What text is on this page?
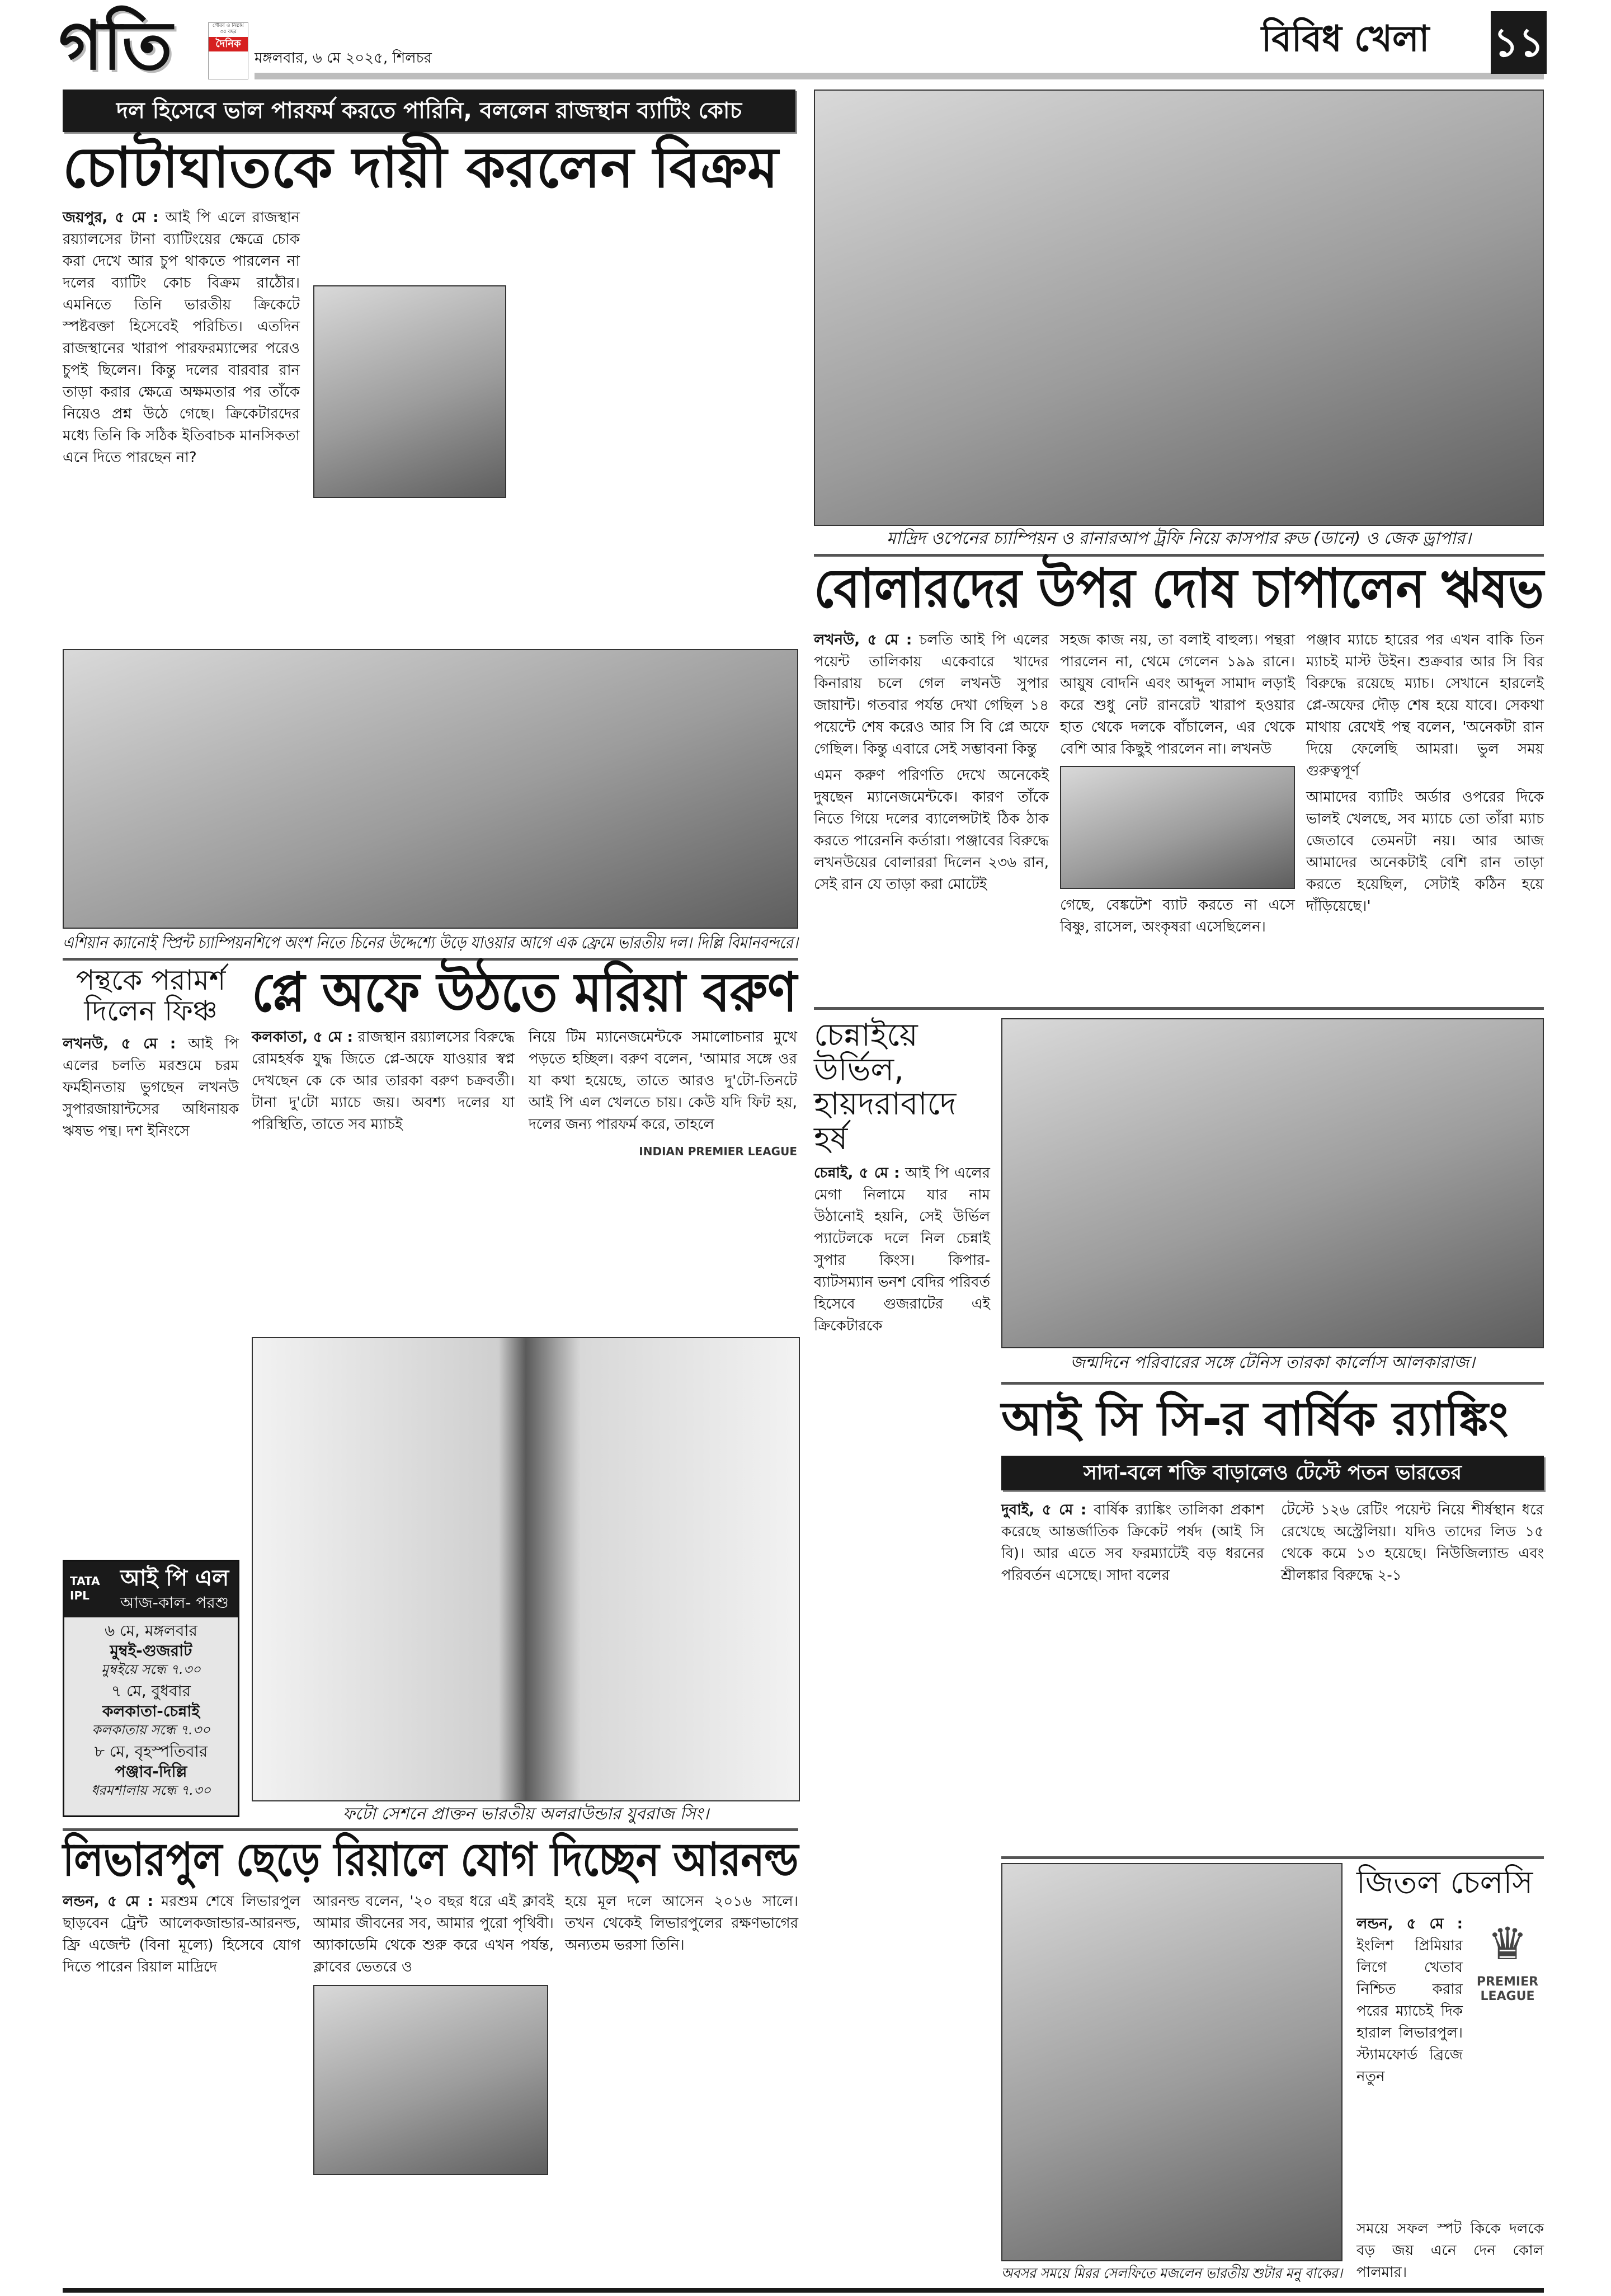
গতি	গৌরব ও নিষ্ঠায় ৩৫ বছর
দৈনিক
মঙ্গলবার, ৬ মে ২০২৫, শিলচর	বিবিধ খেলা	১১
দল হিসেবে ভাল পারফর্ম করতে পারিনি, বললেন রাজস্থান ব্যাটিং কোচ
চোটাঘাতকে দায়ী করলেন বিক্রম

জয়পুর, ৫ মে : আই পি এলে রাজস্থান রয়্যালসের টানা ব্যাটিংয়ের ক্ষেত্রে চোক করা দেখে আর চুপ থাকতে পারলেন না দলের ব্যাটিং কোচ বিক্রম রাঠৌর। এমনিতে তিনি ভারতীয় ক্রিকেটে স্পষ্টবক্তা হিসেবেই পরিচিত। এতদিন রাজস্থানের খারাপ পারফরম্যান্সের পরেও চুপই ছিলেন। কিন্তু দলের বারবার রান তাড়া করার ক্ষেত্রে অক্ষমতার পর তাঁকে নিয়েও প্রশ্ন উঠে গেছে। ক্রিকেটারদের মধ্যে তিনি কি সঠিক ইতিবাচক মানসিকতা এনে দিতে পারছেন না?

মাদ্রিদ ওপেনের চ্যাম্পিয়ন ও রানারআপ ট্রফি নিয়ে কাসপার রুড (ডানে) ও জেক ড্রাপার।
বোলারদের উপর দোষ চাপালেন ঋষভ

লখনউ, ৫ মে : চলতি আই পি এলের পয়েন্ট তালিকায় একেবারে খাদের কিনারায় চলে গেল লখনউ সুপার জায়ান্ট। গতবার পর্যন্ত দেখা গেছিল ১৪ পয়েন্টে শেষ করেও আর সি বি প্লে অফে গেছিল। কিন্তু এবারে সেই সম্ভাবনা কিন্তু

এমন করুণ পরিণতি দেখে অনেকেই দুষছেন ম্যানেজমেন্টকে। কারণ তাঁকে নিতে গিয়ে দলের ব্যালেন্সটাই ঠিক ঠাক করতে পারেননি কর্তারা। পঞ্জাবের বিরুদ্ধে লখনউয়ের বোলাররা দিলেন ২৩৬ রান, সেই রান যে তাড়া করা মোটেই

সহজ কাজ নয়, তা বলাই বাহুল্য। পন্থরা পারলেন না, থেমে গেলেন ১৯৯ রানে। আয়ুষ বোদনি এবং আব্দুল সামাদ লড়াই করে শুধু নেট রানরেট খারাপ হওয়ার হাত থেকে দলকে বাঁচালেন, এর থেকে বেশি আর কিছুই পারলেন না। লখনউ

গেছে, বেঙ্কটেশ ব্যাট করতে না এসে বিষ্ণু, রাসেল, অংকৃষরা এসেছিলেন।

পঞ্জাব ম্যাচে হারের পর এখন বাকি তিন ম্যাচই মাস্ট উইন। শুক্রবার আর সি বির বিরুদ্ধে রয়েছে ম্যাচ। সেখানে হারলেই প্লে-অফের দৌড় শেষ হয়ে যাবে। সেকথা মাথায় রেখেই পন্থ বলেন, 'অনেকটা রান দিয়ে ফেলেছি আমরা। ভুল সময় গুরুত্বপূর্ণ

আমাদের ব্যাটিং অর্ডার ওপরের দিকে ভালই খেলছে, সব ম্যাচে তো তাঁরা ম্যাচ জেতাবে তেমনটা নয়। আর আজ আমাদের অনেকটাই বেশি রান তাড়া করতে হয়েছিল, সেটাই কঠিন হয়ে দাঁড়িয়েছে।'

এশিয়ান ক্যানোই স্প্রিন্ট চ্যাম্পিয়নশিপে অংশ নিতে চিনের উদ্দেশ্যে উড়ে যাওয়ার আগে এক ফ্রেমে ভারতীয় দল। দিল্লি বিমানবন্দরে।
পন্থকে পরামর্শ দিলেন ফিঞ্চ

লখনউ, ৫ মে : আই পি এলের চলতি মরশুমে চরম ফর্মহীনতায় ভুগছেন লখনউ সুপারজায়ান্টসের অধিনায়ক ঋষভ পন্থ। দশ ইনিংসে

TATA IPL
আই পি এল
আজ-কাল- পরশু
৬ মে, মঙ্গলবার
মুম্বই-গুজরাট
মুম্বইয়ে সন্ধে ৭.৩০
৭ মে, বুধবার
কলকাতা-চেন্নাই
কলকাতায় সন্ধে ৭.৩০
৮ মে, বৃহস্পতিবার
পঞ্জাব-দিল্লি
ধরমশালায় সন্ধে ৭.৩০
প্লে অফে উঠতে মরিয়া বরুণ

কলকাতা, ৫ মে : রাজস্থান রয়্যালসের বিরুদ্ধে রোমহর্ষক যুদ্ধ জিতে প্লে-অফে যাওয়ার স্বপ্ন দেখছেন কে কে আর তারকা বরুণ চক্রবর্তী। টানা দু'টো ম্যাচে জয়। অবশ্য দলের যা পরিস্থিতি, তাতে সব ম্যাচই

নিয়ে টিম ম্যানেজমেন্টকে সমালোচনার মুখে পড়তে হচ্ছিল। বরুণ বলেন, 'আমার সঙ্গে ওর যা কথা হয়েছে, তাতে আরও দু'টো-তিনটে আই পি এল খেলতে চায়। কেউ যদি ফিট হয়, দলের জন্য পারফর্ম করে, তাহলে

INDIAN PREMIER LEAGUE
ফটো সেশনে প্রাক্তন ভারতীয় অলরাউন্ডার যুবরাজ সিং।
চেন্নাইয়ে উর্ভিল, হায়দরাবাদে হর্ষ

চেন্নাই, ৫ মে : আই পি এলের মেগা নিলামে যার নাম উঠানোই হয়নি, সেই উর্ভিল প্যাটেলকে দলে নিল চেন্নাই সুপার কিংস। কিপার-ব্যাটসম্যান ভনশ বেদির পরিবর্ত হিসেবে গুজরাটের এই ক্রিকেটারকে

জন্মদিনে পরিবারের সঙ্গে টেনিস তারকা কার্লোস আলকারাজ।
আই সি সি-র বার্ষিক র‍্যাঙ্কিং
সাদা-বলে শক্তি বাড়ালেও টেস্টে পতন ভারতের

দুবাই, ৫ মে : বার্ষিক র‍্যাঙ্কিং তালিকা প্রকাশ করেছে আন্তর্জাতিক ক্রিকেট পর্ষদ (আই সি বি)। আর এতে সব ফরম্যাটেই বড় ধরনের পরিবর্তন এসেছে। সাদা বলের

টেস্টে ১২৬ রেটিং পয়েন্ট নিয়ে শীর্ষস্থান ধরে রেখেছে অস্ট্রেলিয়া। যদিও তাদের লিড ১৫ থেকে কমে ১৩ হয়েছে। নিউজিল্যান্ড এবং শ্রীলঙ্কার বিরুদ্ধে ২-১

লিভারপুল ছেড়ে রিয়ালে যোগ দিচ্ছেন আরনল্ড

লন্ডন, ৫ মে : মরশুম শেষে লিভারপুল ছাড়বেন ট্রেন্ট আলেকজান্ডার-আরনল্ড, ফ্রি এজেন্ট (বিনা মূল্যে) হিসেবে যোগ দিতে পারেন রিয়াল মাদ্রিদে

আরনল্ড বলেন, '২০ বছর ধরে এই ক্লাবই আমার জীবনের সব, আমার পুরো পৃথিবী। অ্যাকাডেমি থেকে শুরু করে এখন পর্যন্ত, ক্লাবের ভেতরে ও

হয়ে মূল দলে আসেন ২০১৬ সালে। তখন থেকেই লিভারপুলের রক্ষণভাগের অন্যতম ভরসা তিনি।

অবসর সময়ে মিরর সেলফিতে মজলেন ভারতীয় শুটার মনু বাকের।
জিতল চেলসি

লন্ডন, ৫ মে : ইংলিশ প্রিমিয়ার লিগে খেতাব নিশ্চিত করার পরের ম্যাচেই দিক হারাল লিভারপুল। স্ট্যামফোর্ড ব্রিজে নতুন

♛
PREMIER LEAGUE

সময়ে সফল স্পট কিকে দলকে বড় জয় এনে দেন কোল পালমার।
